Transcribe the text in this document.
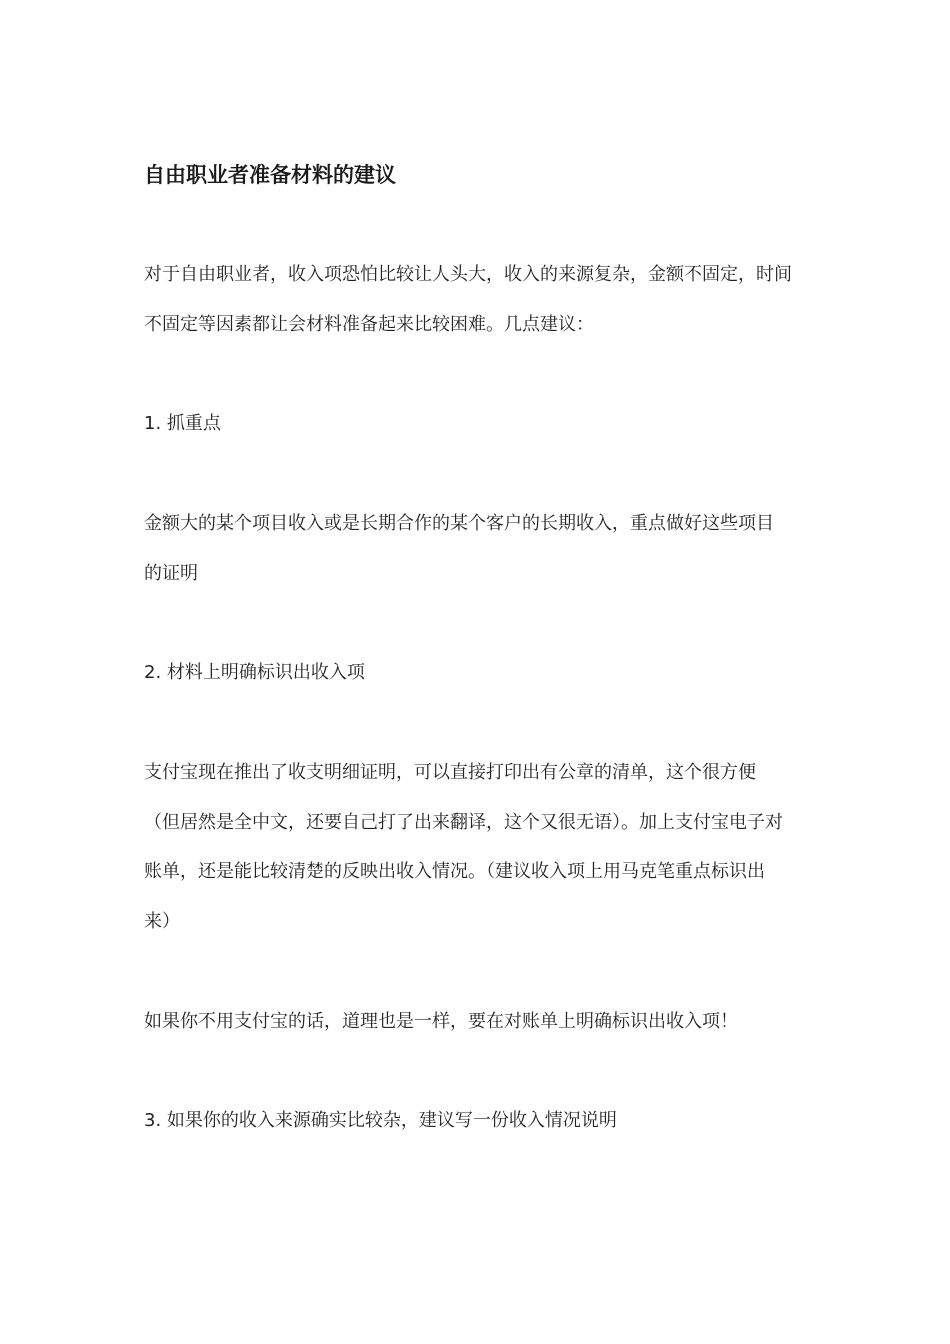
自由职业者准备材料的建议
对于自由职业者，收入项恐怕比较让人头大，收入的来源复杂，金额不固定，时间
不固定等因素都让会材料准备起来比较困难。几点建议：
1. 抓重点
金额大的某个项目收入或是长期合作的某个客户的长期收入，重点做好这些项目
的证明
2. 材料上明确标识出收入项
支付宝现在推出了收支明细证明，可以直接打印出有公章的清单，这个很方便
（但居然是全中文，还要自己打了出来翻译，这个又很无语）。加上支付宝电子对
账单，还是能比较清楚的反映出收入情况。（建议收入项上用马克笔重点标识出
来）
如果你不用支付宝的话，道理也是一样，要在对账单上明确标识出收入项！
3. 如果你的收入来源确实比较杂，建议写一份收入情况说明
